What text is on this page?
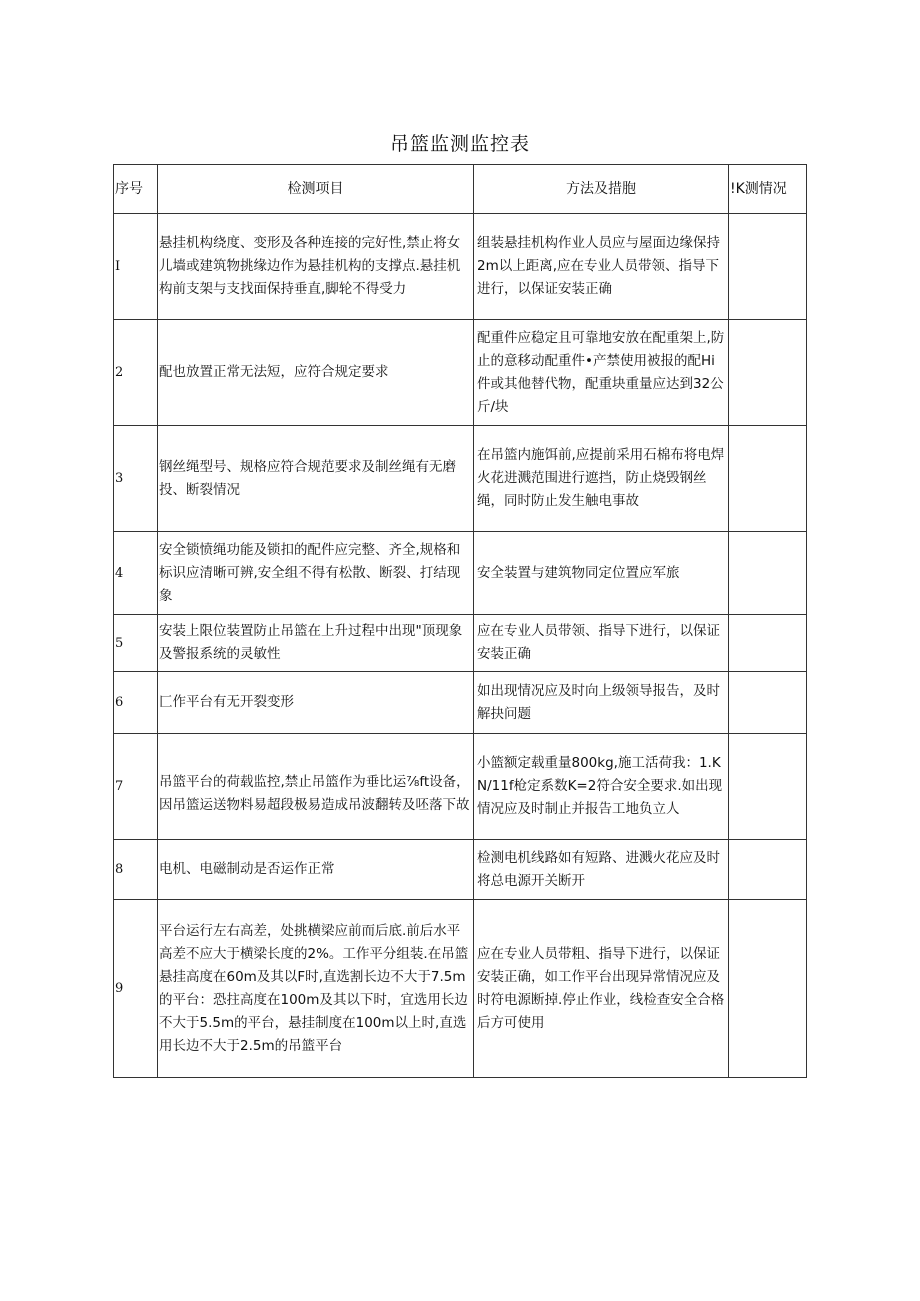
吊篮监测监控表
序号	检测项目	方法及措胞	!K测情况
I	悬挂机构绕度、变形及各种连接的完好性,禁止将女儿墙或建筑物挑缘边作为悬挂机构的支撑点.悬挂机构前支架与支找面保持垂直,脚轮不得受力	组装悬挂机构作业人员应与屋面边缘保持2m以上距离,应在专业人员带领、指导下进行，以保证安装正确	

2	配也放置正常无法短，应符合规定要求	配重件应稳定且可靠地安放在配重架上,防止的意移动配重件•产禁使用被报的配Hi件或其他替代物，配重块重量应达到32公斤/块	

3	钢丝绳型号、规格应符合规范要求及制丝绳有无磨投、断裂情况	在吊篮内施饵前,应提前采用石棉布将电焊火花进溅范围进行遮挡，防止烧毁钢丝绳，同时防止发生触电事故	

4	安全锁愤绳功能及锁扣的配件应完整、齐全,规格和标识应清晰可辨,安全组不得有松散、断裂、打结现象	安全装置与建筑物同定位置应军旅	

5	安装上限位装置防止吊篮在上升过程中出现"顶现象及警报系统的灵敏性	应在专业人员带领、指导下进行，以保证安装正确	

6	匚作平台有无开裂变形	如出现情况应及时向上级领导报告，及时解抉问题	

7	吊篮平台的荷载监控,禁止吊篮作为垂比运⅞ft设备，因吊篮运送物料易超段极易造成吊波翻转及呸落下故	小篮额定载重量800kg,施工活荷我：1.KN/11f枪定系数K=2符合安全要求.如出现情况应及时制止并报告工地负立人	

8	电机、电磁制动是否运作正常	检测电机线路如有短路、进溅火花应及时将总电源开关断开	

9	平台运行左右高差，处挑横梁应前而后底.前后水平高差不应大于横梁长度的2%。工作平分组装.在吊篮悬挂高度在60m及其以F时,直选割长边不大于7.5m的平台：恐拄高度在100m及其以下时，宜选用长边不大于5.5m的平台，悬挂制度在100m以上时,直选用长边不大于2.5m的吊篮平台	应在专业人员带粗、指导下进行，以保证安装正确，如工作平台出现异常情况应及时符电源断掉.停止作业，线检查安全合格后方可使用	
